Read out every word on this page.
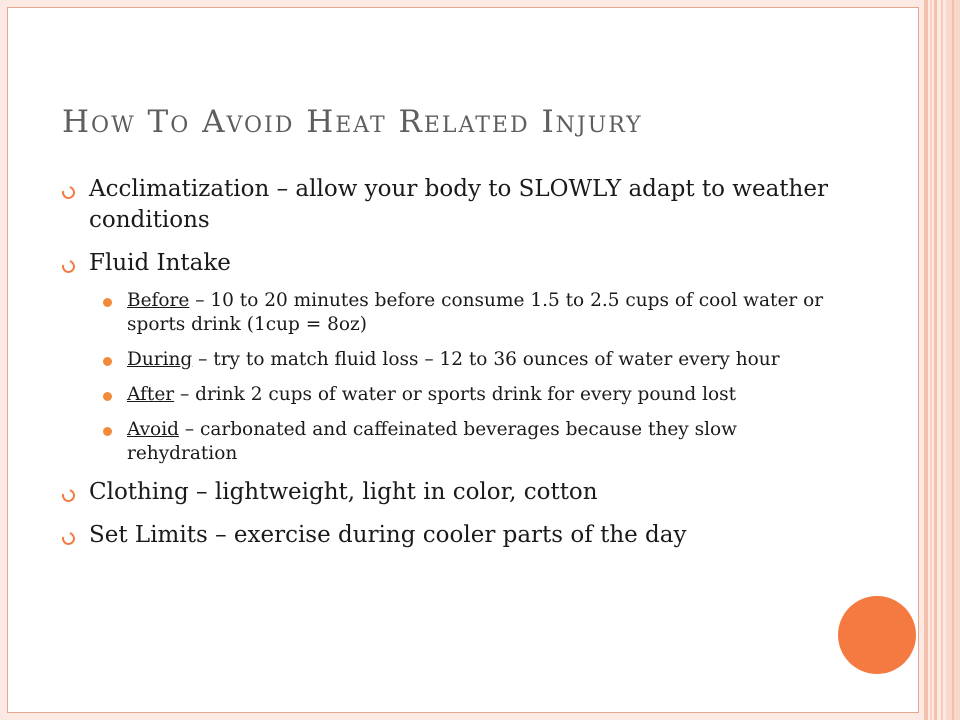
How To Avoid Heat Related Injury
Acclimatization – allow your body to SLOWLY adapt to weather conditions
Fluid Intake
Before – 10 to 20 minutes before consume 1.5 to 2.5 cups of cool water or sports drink (1cup = 8oz)
During – try to match fluid loss – 12 to 36 ounces of water every hour
After – drink 2 cups of water or sports drink for every pound lost
Avoid – carbonated and caffeinated beverages because they slow rehydration
Clothing – lightweight, light in color, cotton
Set Limits – exercise during cooler parts of the day
